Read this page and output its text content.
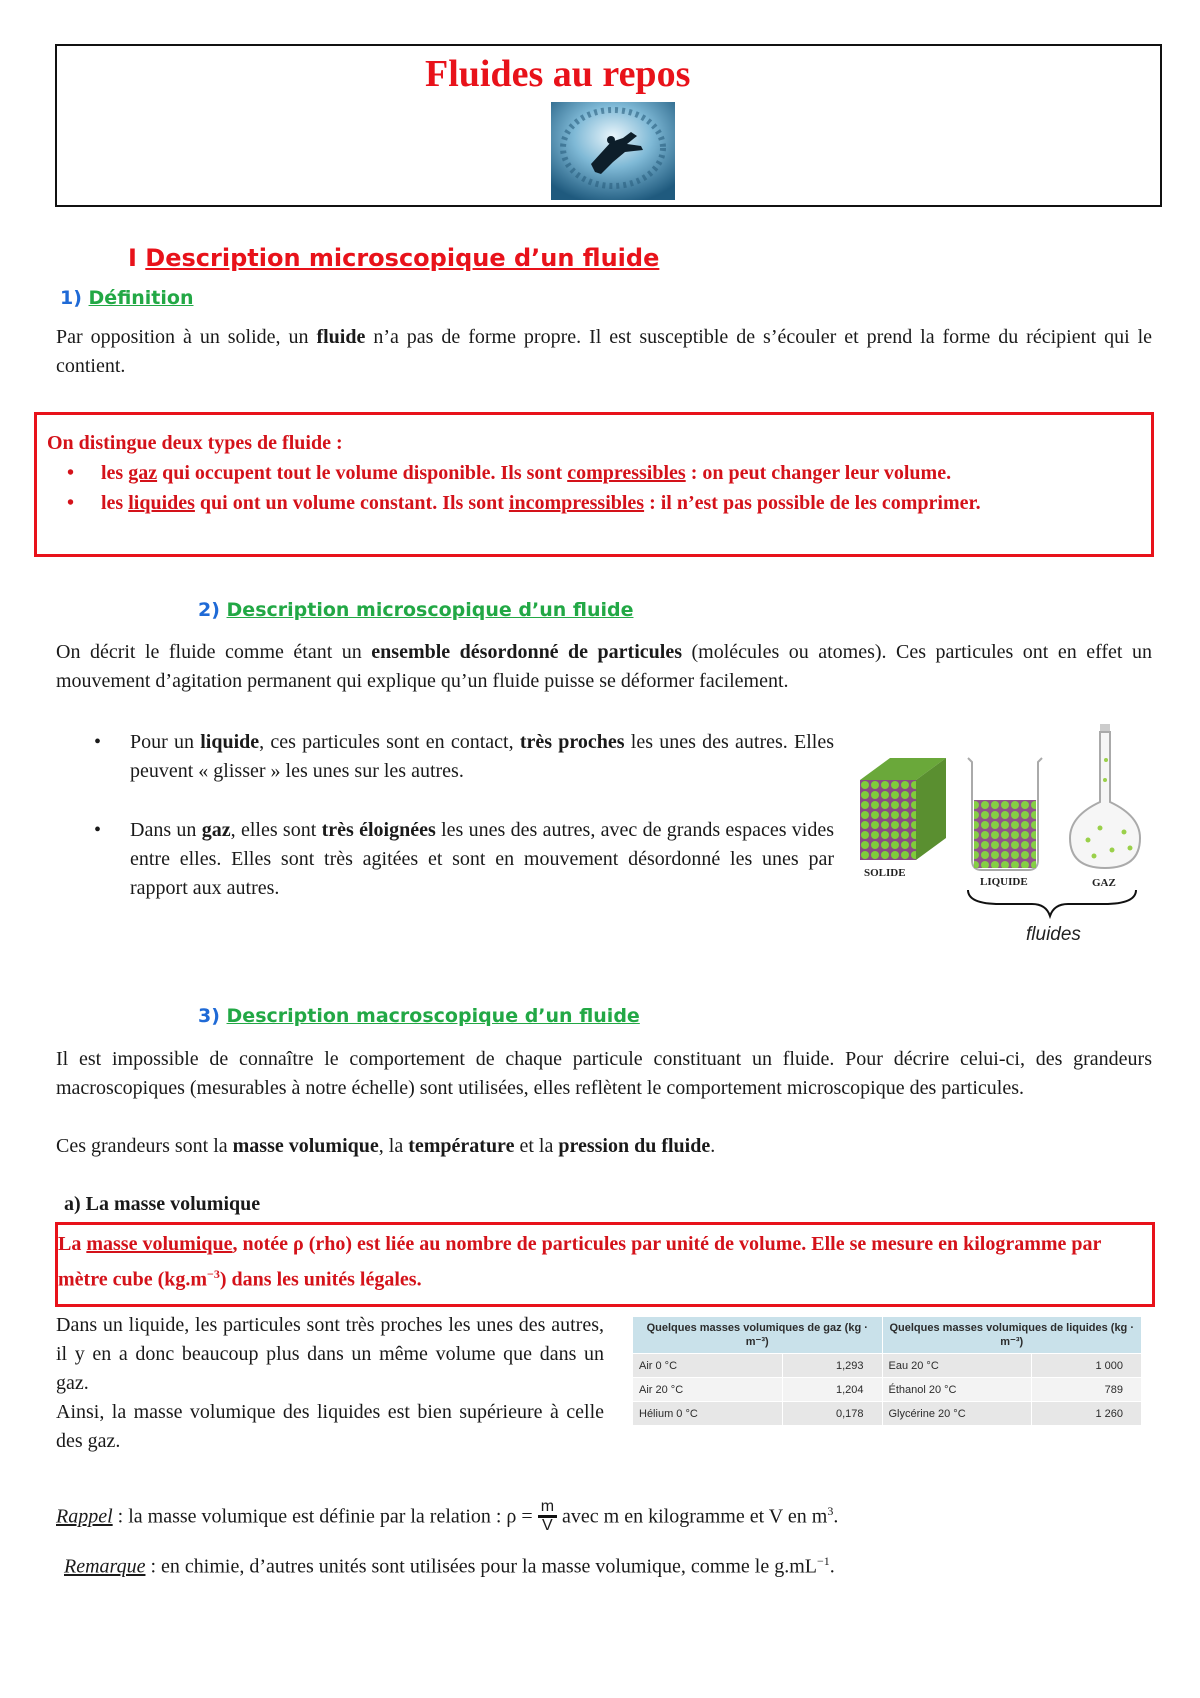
Fluides au repos
I Description microscopique d’un fluide
1) Définition
Par opposition à un solide, un fluide n’a pas de forme propre. Il est susceptible de s’écouler et prend la forme du récipient qui le contient.
On distingue deux types de fluide :
• les gaz qui occupent tout le volume disponible. Ils sont compressibles : on peut changer leur volume.
• les liquides qui ont un volume constant. Ils sont incompressibles : il n’est pas possible de les comprimer.
2) Description microscopique d’un fluide
On décrit le fluide comme étant un ensemble désordonné de particules (molécules ou atomes). Ces particules ont en effet un mouvement d’agitation permanent qui explique qu’un fluide puisse se déformer facilement.
• Pour un liquide, ces particules sont en contact, très proches les unes des autres. Elles peuvent « glisser » les unes sur les autres.
• Dans un gaz, elles sont très éloignées les unes des autres, avec de grands espaces vides entre elles. Elles sont très agitées et sont en mouvement désordonné les unes par rapport aux autres.
SOLIDE
LIQUIDE	GAZ
fluides
3) Description macroscopique d’un fluide
Il est impossible de connaître le comportement de chaque particule constituant un fluide. Pour décrire celui-ci, des grandeurs macroscopiques (mesurables à notre échelle) sont utilisées, elles reflètent le comportement microscopique des particules.
Ces grandeurs sont la masse volumique, la température et la pression du fluide.
a) La masse volumique
La masse volumique, notée ρ (rho) est liée au nombre de particules par unité de volume. Elle se mesure en kilogramme par mètre cube $(kg.m^{-3})$ dans les unités légales.
Dans un liquide, les particules sont très proches les unes des autres, il y en a donc beaucoup plus dans un même volume que dans un gaz.
Ainsi, la masse volumique des liquides est bien supérieure à celle des gaz.
Quelques masses volumiques de gaz (kg · m⁻³)		Quelques masses volumiques de liquides (kg · m⁻³)	
Air 0 °C	1,293	Eau 20 °C	1 000
Air 20 °C	1,204	Éthanol 20 °C	789
Hélium 0 °C	0,178	Glycérine 20 °C	1 260
Rappel : la masse volumique est définie par la relation : $\rho = \frac{m}{V}$ avec m en kilogramme et V en $m^3$.
Remarque : en chimie, d’autres unités sont utilisées pour la masse volumique, comme le $g.mL^{-1}$.
